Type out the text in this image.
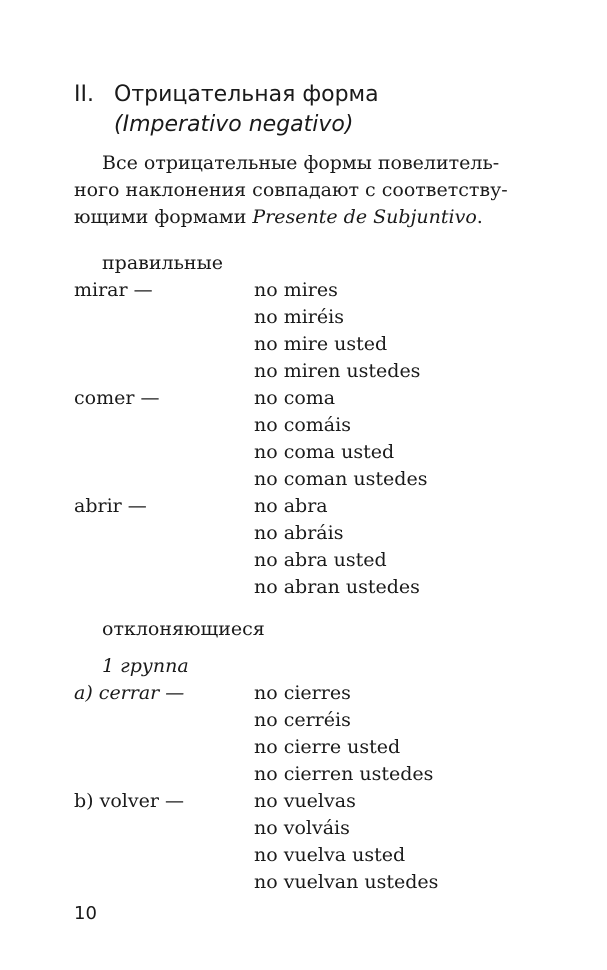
II. Отрицательная форма
(Imperativo negativo)

Все отрицательные формы повелитель-

ного наклонения совпадают с соответству-

ющими формами Presente de Subjuntivo.

правильные
mirar —	no mires
no miréis
no mire usted
no miren ustedes
comer —	no coma
no comáis
no coma usted
no coman ustedes
abrir —	no abra
no abráis
no abra usted
no abran ustedes
отклоняющиеся
1 группа
a) cerrar —	no cierres
no cerréis
no cierre usted
no cierren ustedes
b) volver —	no vuelvas
no volváis
no vuelva usted
no vuelvan ustedes
10
